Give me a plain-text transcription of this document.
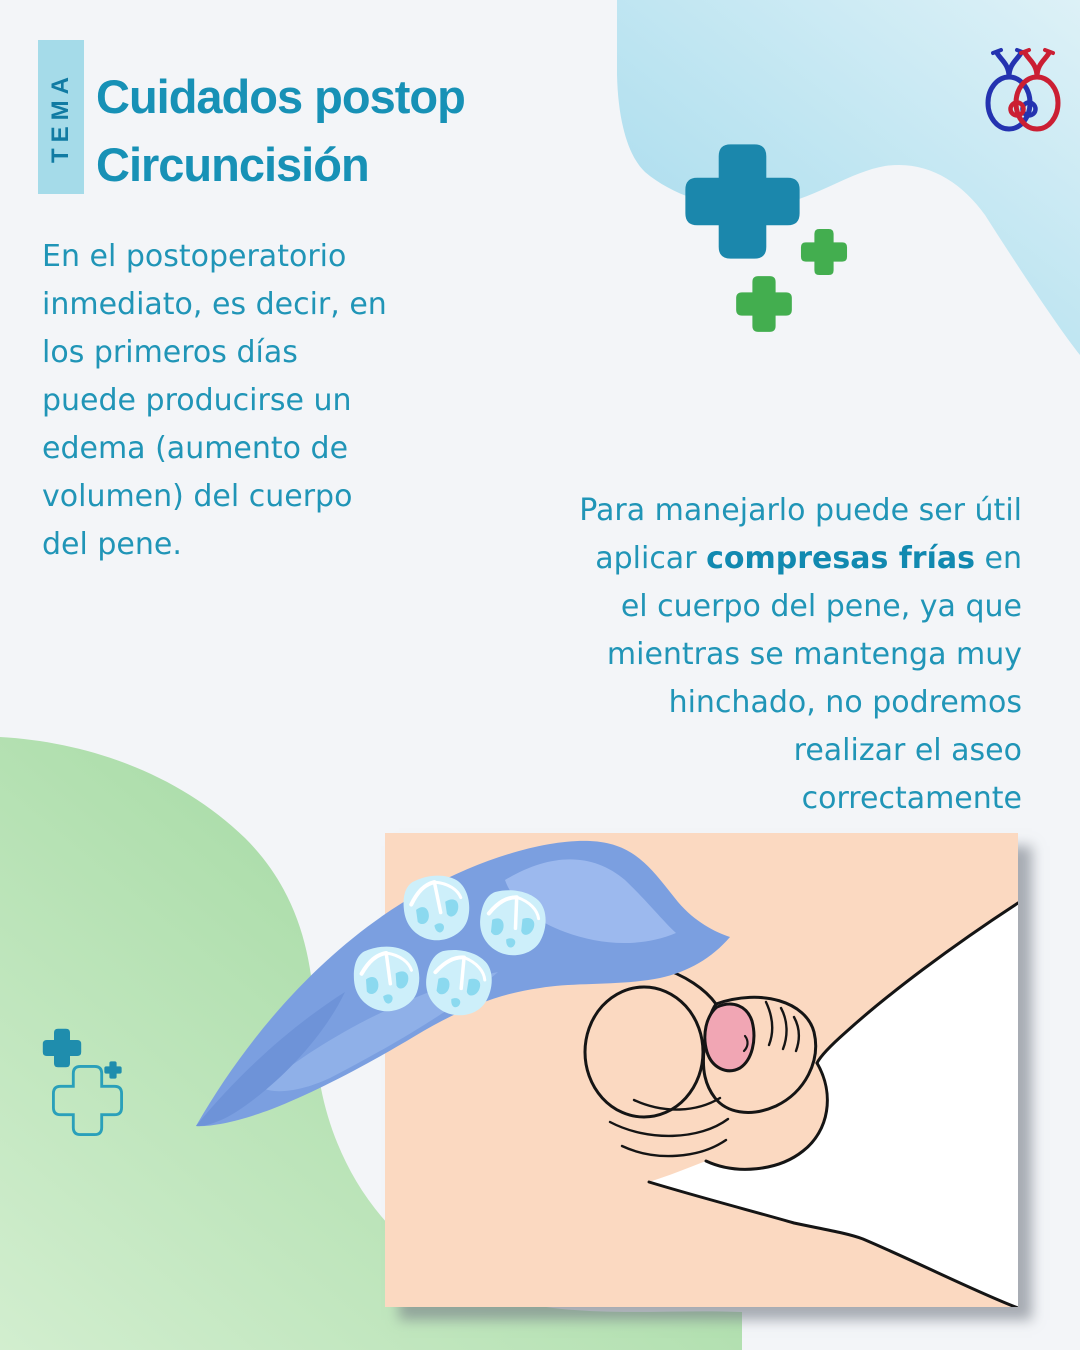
TEMA Cuidados postop
Circuncisión
En el postoperatorio
inmediato, es decir, en
los primeros días
puede producirse un
edema (aumento de
volumen) del cuerpo
del pene.
Para manejarlo puede ser útil
aplicar compresas frías en
el cuerpo del pene, ya que
mientras se mantenga muy
hinchado, no podremos
realizar el aseo
correctamente
